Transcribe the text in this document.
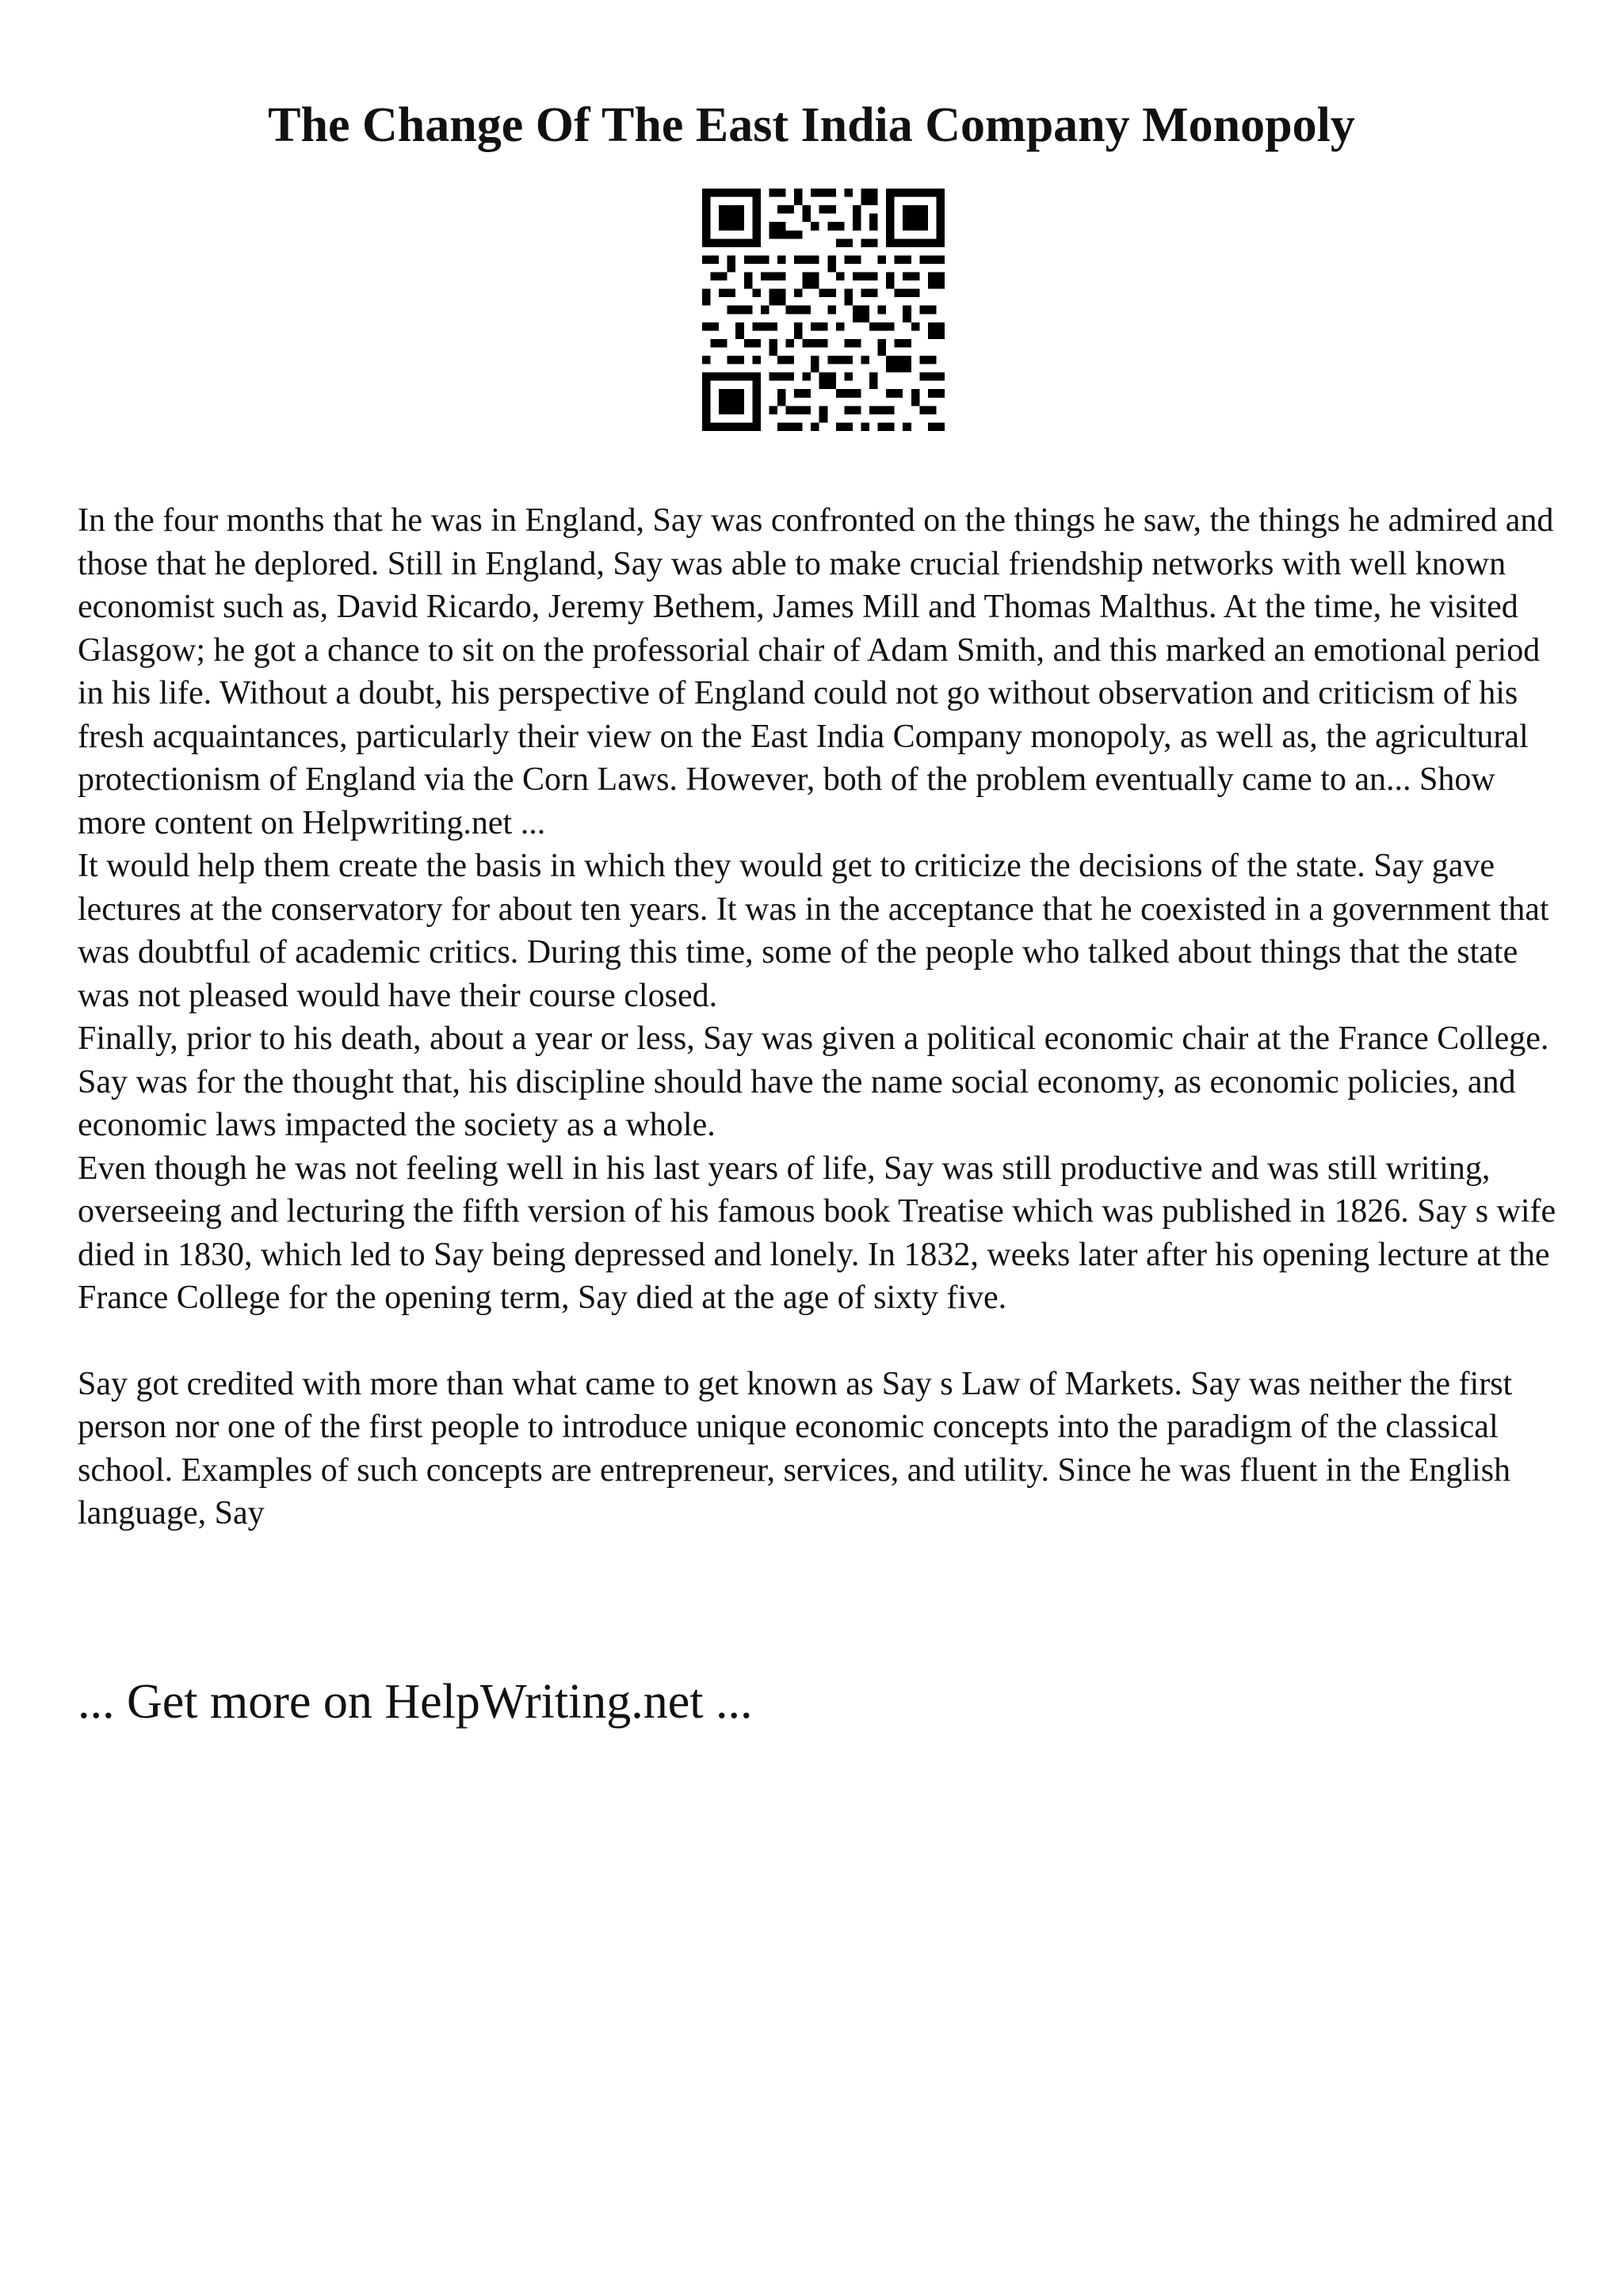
The Change Of The East India Company Monopoly

In the four months that he was in England, Say was confronted on the things he saw, the things he admired and those that he deplored. Still in England, Say was able to make crucial friendship networks with well known economist such as, David Ricardo, Jeremy Bethem, James Mill and Thomas Malthus. At the time, he visited Glasgow; he got a chance to sit on the professorial chair of Adam Smith, and this marked an emotional period in his life. Without a doubt, his perspective of England could not go without observation and criticism of his fresh acquaintances, particularly their view on the East India Company monopoly, as well as, the agricultural protectionism of England via the Corn Laws. However, both of the problem eventually came to an... Show more content on Helpwriting.net ...

It would help them create the basis in which they would get to criticize the decisions of the state. Say gave lectures at the conservatory for about ten years. It was in the acceptance that he coexisted in a government that was doubtful of academic critics. During this time, some of the people who talked about things that the state was not pleased would have their course closed.

Finally, prior to his death, about a year or less, Say was given a political economic chair at the France College. Say was for the thought that, his discipline should have the name social economy, as economic policies, and economic laws impacted the society as a whole.

Even though he was not feeling well in his last years of life, Say was still productive and was still writing, overseeing and lecturing the fifth version of his famous book Treatise which was published in 1826. Say s wife died in 1830, which led to Say being depressed and lonely. In 1832, weeks later after his opening lecture at the France College for the opening term, Say died at the age of sixty five.

Say got credited with more than what came to get known as Say s Law of Markets. Say was neither the first person nor one of the first people to introduce unique economic concepts into the paradigm of the classical school. Examples of such concepts are entrepreneur, services, and utility. Since he was fluent in the English language, Say

... Get more on HelpWriting.net ...
